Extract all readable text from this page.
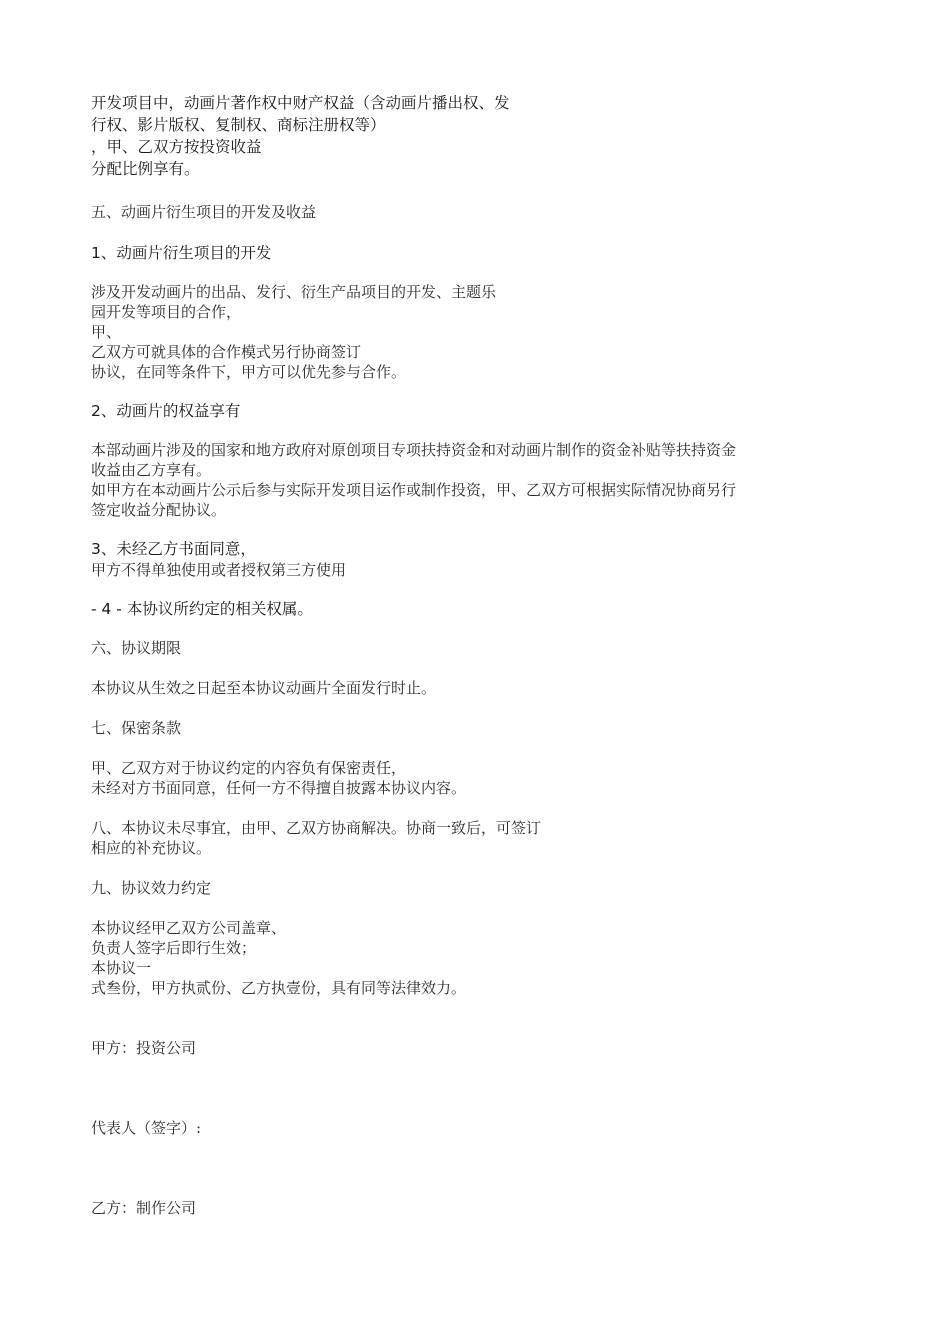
开发项目中，动画片著作权中财产权益（含动画片播出权、发
行权、影片版权、复制权、商标注册权等）
，甲、乙双方按投资收益
分配比例享有。
五、动画片衍生项目的开发及收益
1、动画片衍生项目的开发
涉及开发动画片的出品、发行、衍生产品项目的开发、主题乐
园开发等项目的合作，
甲、
乙双方可就具体的合作模式另行协商签订
协议，在同等条件下，甲方可以优先参与合作。
2、动画片的权益享有
本部动画片涉及的国家和地方政府对原创项目专项扶持资金和对动画片制作的资金补贴等扶持资金
收益由乙方享有。
如甲方在本动画片公示后参与实际开发项目运作或制作投资，甲、乙双方可根据实际情况协商另行
签定收益分配协议。
3、未经乙方书面同意，
甲方不得单独使用或者授权第三方使用
- 4 - 本协议所约定的相关权属。
六、协议期限
本协议从生效之日起至本协议动画片全面发行时止。
七、保密条款
甲、乙双方对于协议约定的内容负有保密责任，
未经对方书面同意，任何一方不得擅自披露本协议内容。
八、本协议未尽事宜，由甲、乙双方协商解决。协商一致后，可签订
相应的补充协议。
九、协议效力约定
本协议经甲乙双方公司盖章、
负责人签字后即行生效；
本协议一
式叁份，甲方执贰份、乙方执壹份，具有同等法律效力。
甲方：投资公司
代表人（签字）:
乙方：制作公司
